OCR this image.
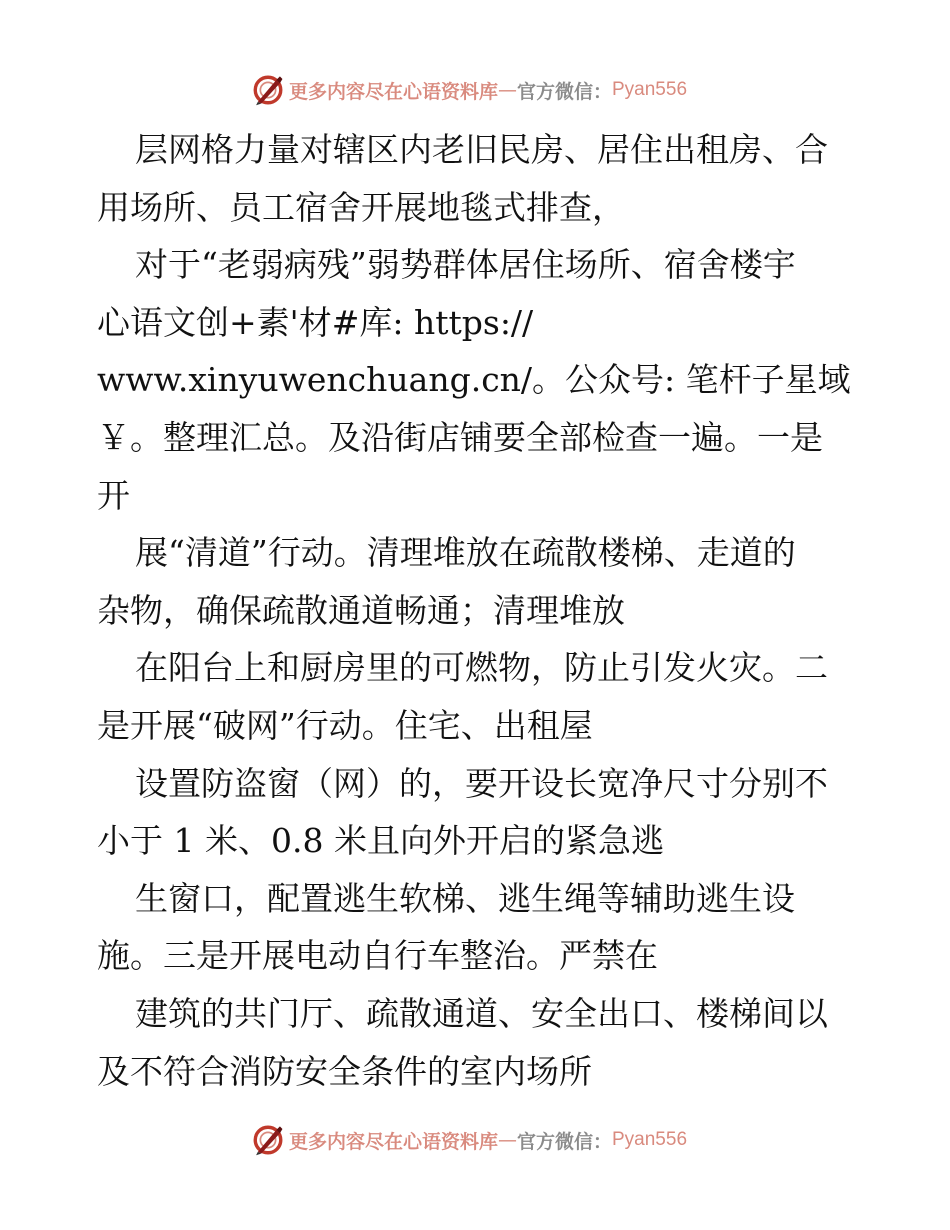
更多内容尽在心语资料库 — 官方微信： Pyan556
层网格力量对辖区内老旧民房、居住出租房、合
用场所、员工宿舍开展地毯式排查，
对于“老弱病残”弱势群体居住场所、宿舍楼宇
心语文创+素'材#库: https://
www.xinyuwenchuang.cn/。公众号: 笔杆子星域
￥。整理汇总。及沿街店铺要全部检查一遍。一是
开
展“清道”行动。清理堆放在疏散楼梯、走道的
杂物，确保疏散通道畅通；清理堆放
在阳台上和厨房里的可燃物，防止引发火灾。二
是开展“破网”行动。住宅、出租屋
设置防盗窗（网）的，要开设长宽净尺寸分别不
小于 1 米、0.8 米且向外开启的紧急逃
生窗口，配置逃生软梯、逃生绳等辅助逃生设
施。三是开展电动自行车整治。严禁在
建筑的共门厅、疏散通道、安全出口、楼梯间以
及不符合消防安全条件的室内场所
更多内容尽在心语资料库 — 官方微信： Pyan556
